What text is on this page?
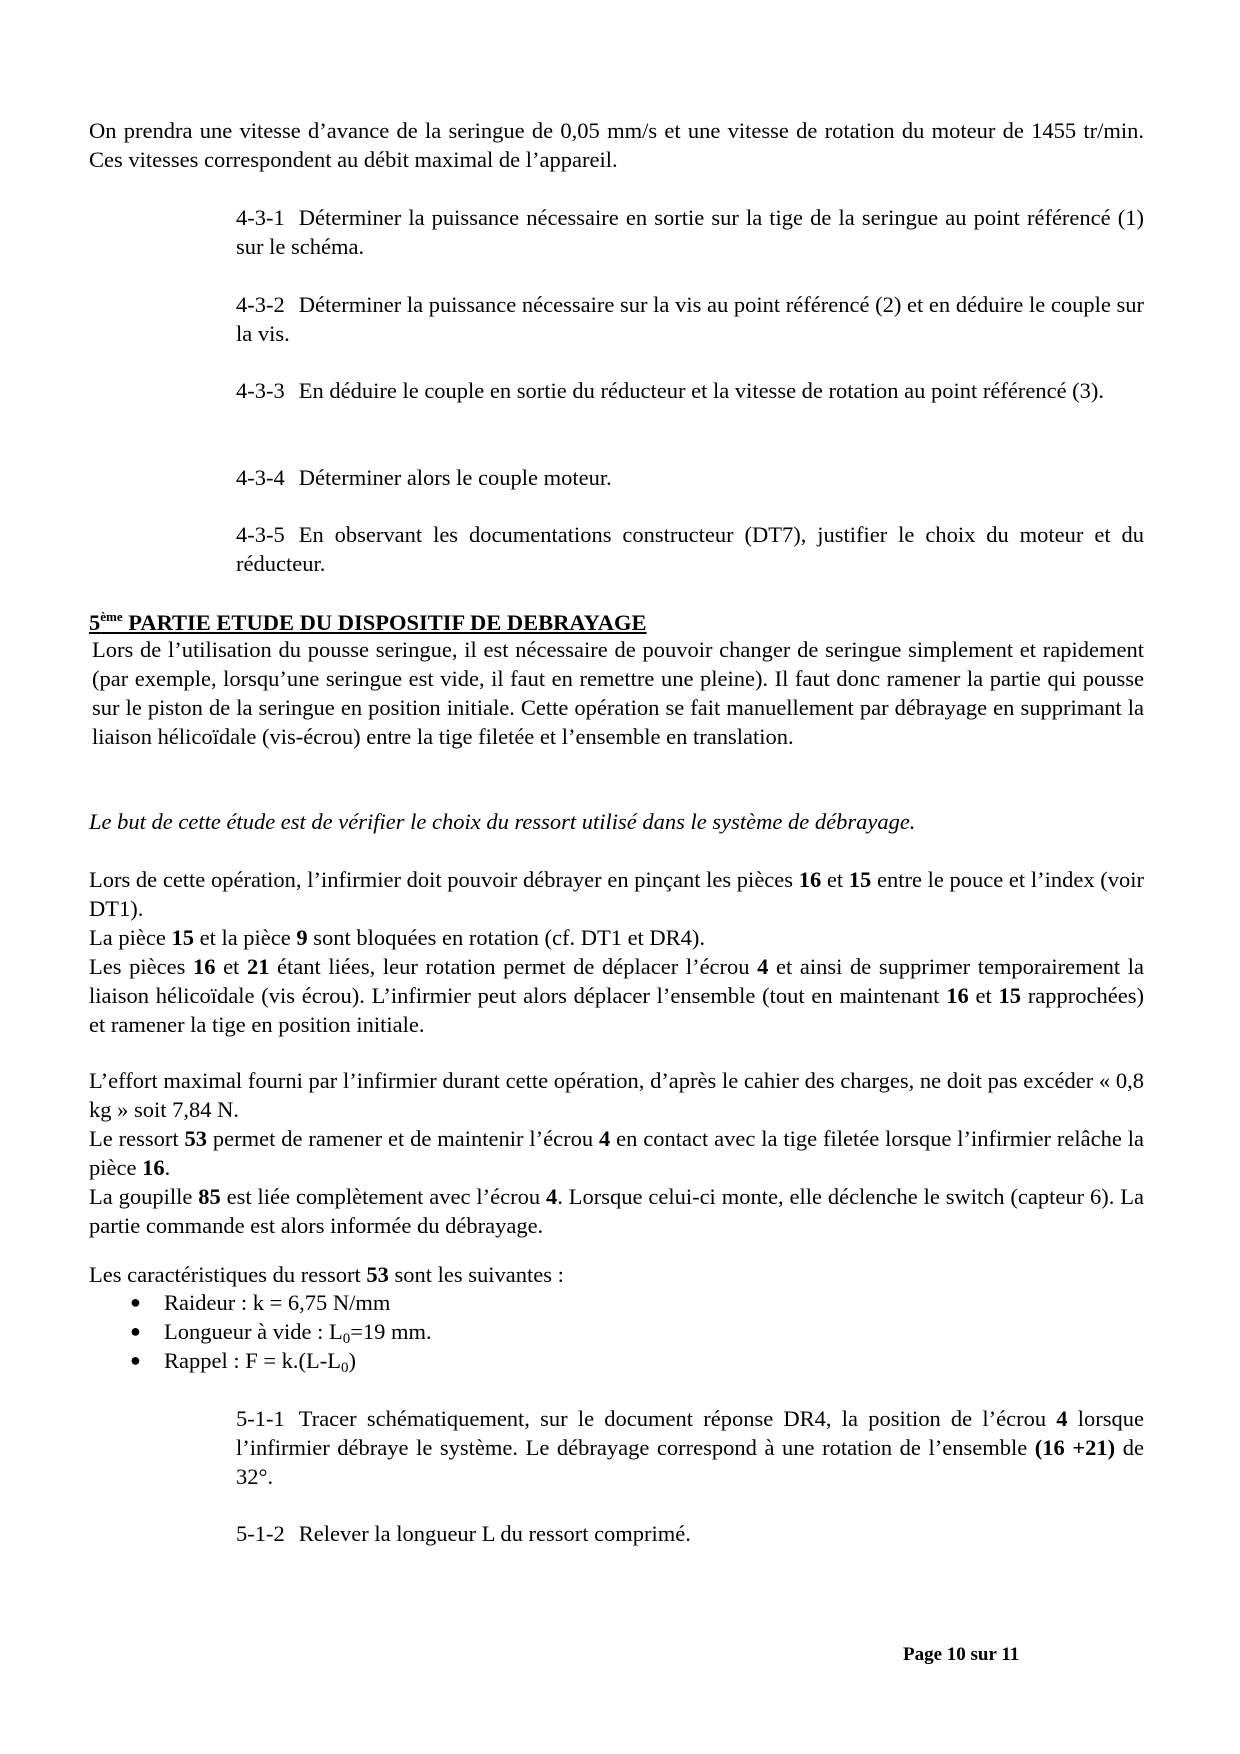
On prendra une vitesse d’avance de la seringue de 0,05 mm/s et une vitesse de rotation du moteur de 1455 tr/min. Ces vitesses correspondent au débit maximal de l’appareil.

4-3-1 Déterminer la puissance nécessaire en sortie sur la tige de la seringue au point référencé (1) sur le schéma.

4-3-2 Déterminer la puissance nécessaire sur la vis au point référencé (2) et en déduire le couple sur la vis.

4-3-3 En déduire le couple en sortie du réducteur et la vitesse de rotation au point référencé (3).

4-3-4 Déterminer alors le couple moteur.

4-3-5 En observant les documentations constructeur (DT7), justifier le choix du moteur et du réducteur.

5ème PARTIE ETUDE DU DISPOSITIF DE DEBRAYAGE

Lors de l’utilisation du pousse seringue, il est nécessaire de pouvoir changer de seringue simplement et rapidement (par exemple, lorsqu’une seringue est vide, il faut en remettre une pleine). Il faut donc ramener la partie qui pousse sur le piston de la seringue en position initiale. Cette opération se fait manuellement par débrayage en supprimant la liaison hélicoïdale (vis-écrou) entre la tige filetée et l’ensemble en translation.

Le but de cette étude est de vérifier le choix du ressort utilisé dans le système de débrayage.

Lors de cette opération, l’infirmier doit pouvoir débrayer en pinçant les pièces 16 et 15 entre le pouce et l’index (voir DT1).

La pièce 15 et la pièce 9 sont bloquées en rotation (cf. DT1 et DR4).

Les pièces 16 et 21 étant liées, leur rotation permet de déplacer l’écrou 4 et ainsi de supprimer temporairement la liaison hélicoïdale (vis écrou). L’infirmier peut alors déplacer l’ensemble (tout en maintenant 16 et 15 rapprochées) et ramener la tige en position initiale.

L’effort maximal fourni par l’infirmier durant cette opération, d’après le cahier des charges, ne doit pas excéder « 0,8 kg » soit 7,84 N.

Le ressort 53 permet de ramener et de maintenir l’écrou 4 en contact avec la tige filetée lorsque l’infirmier relâche la pièce 16.

La goupille 85 est liée complètement avec l’écrou 4. Lorsque celui-ci monte, elle déclenche le switch (capteur 6). La partie commande est alors informée du débrayage.

Les caractéristiques du ressort 53 sont les suivantes :

● Raideur : k = 6,75 N/mm
● Longueur à vide : $L_0=19$ mm.
● Rappel : $F = k.(L-L_0)$

5-1-1 Tracer schématiquement, sur le document réponse DR4, la position de l’écrou 4 lorsque l’infirmier débraye le système. Le débrayage correspond à une rotation de l’ensemble (16 +21) de 32°.

5-1-2 Relever la longueur L du ressort comprimé.

Page 10 sur 11
